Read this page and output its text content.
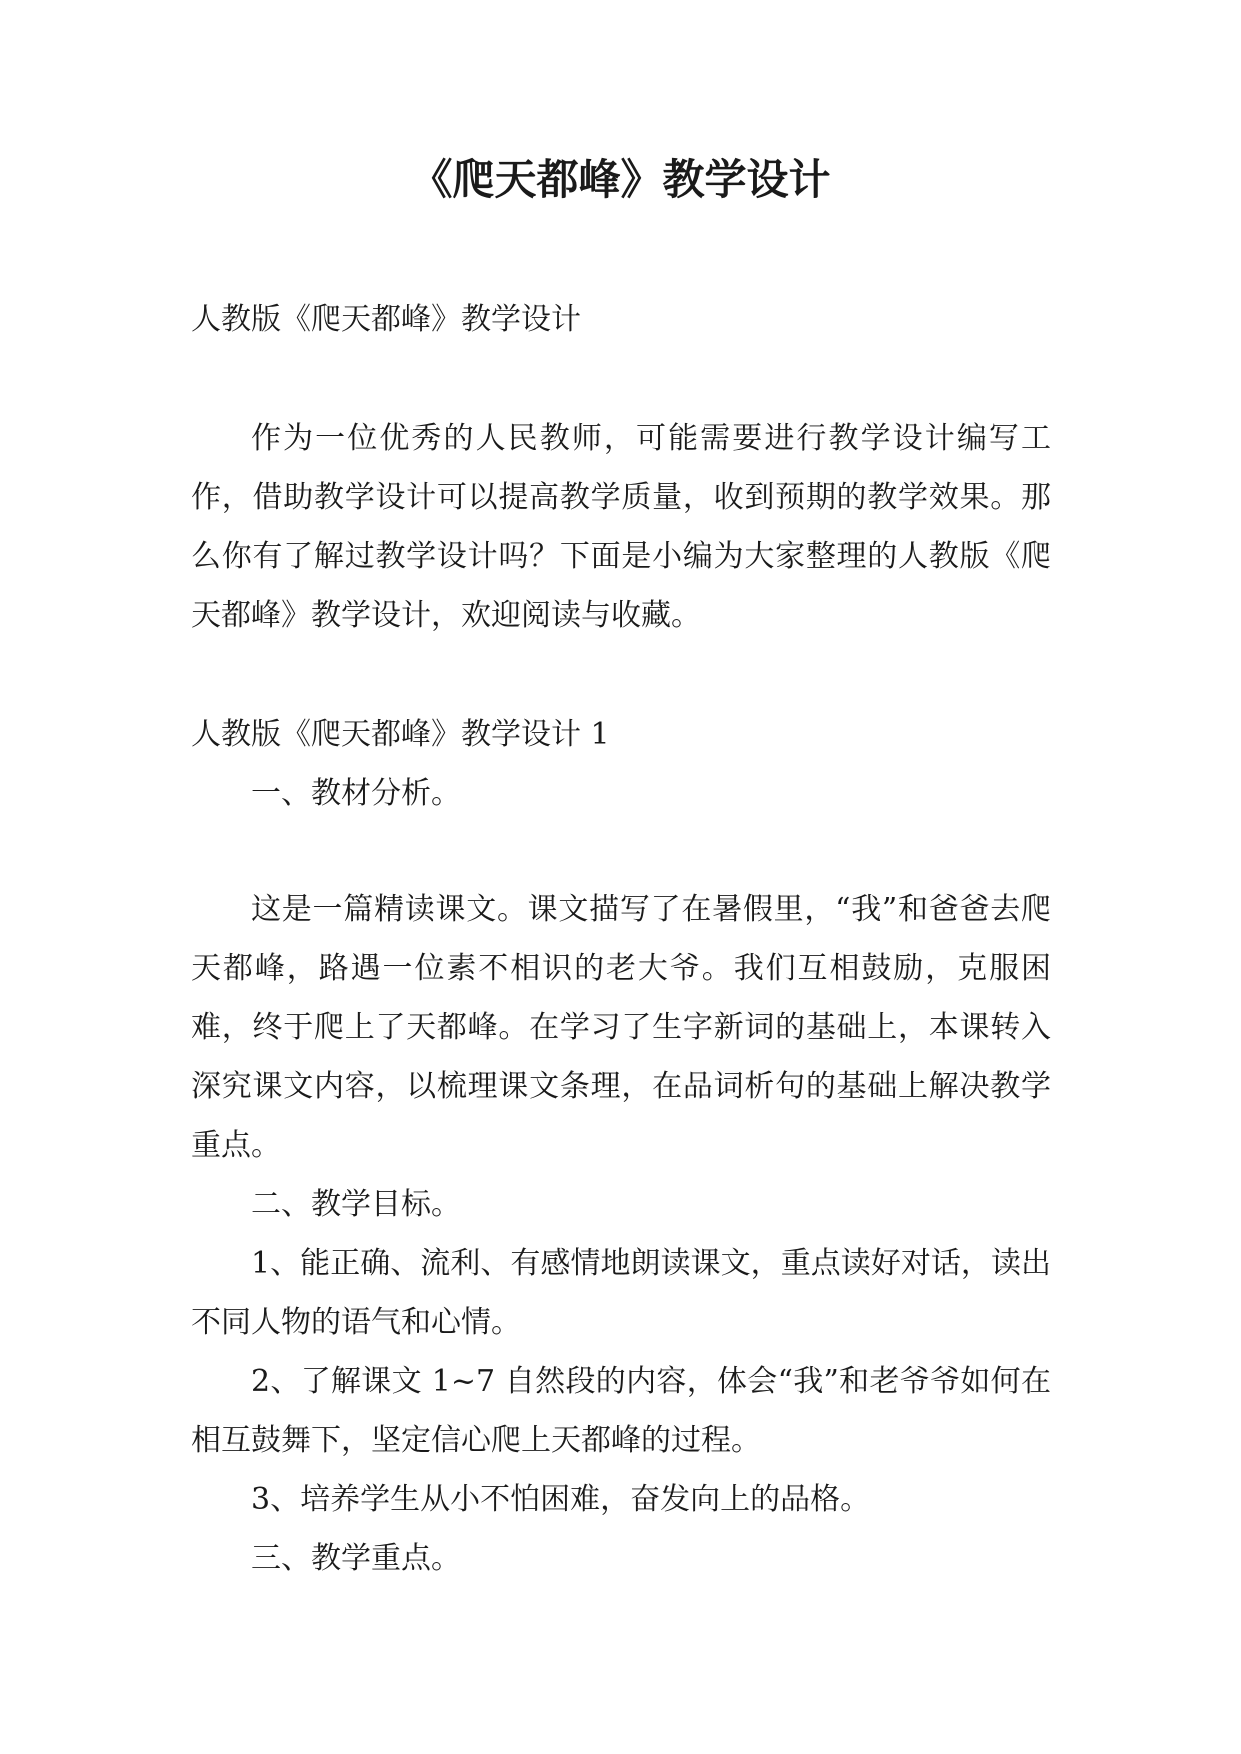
《爬天都峰》教学设计

人教版《爬天都峰》教学设计

作为一位优秀的人民教师，可能需要进行教学设计编写工作，借助教学设计可以提高教学质量，收到预期的教学效果。那么你有了解过教学设计吗？下面是小编为大家整理的人教版《爬天都峰》教学设计，欢迎阅读与收藏。

人教版《爬天都峰》教学设计 1

一、教材分析。

这是一篇精读课文。课文描写了在暑假里，“我”和爸爸去爬天都峰，路遇一位素不相识的老大爷。我们互相鼓励，克服困难，终于爬上了天都峰。在学习了生字新词的基础上，本课转入深究课文内容，以梳理课文条理，在品词析句的基础上解决教学重点。

二、教学目标。

1、能正确、流利、有感情地朗读课文，重点读好对话，读出不同人物的语气和心情。

2、了解课文 1~7 自然段的内容，体会“我”和老爷爷如何在相互鼓舞下，坚定信心爬上天都峰的过程。

3、培养学生从小不怕困难，奋发向上的品格。

三、教学重点。
